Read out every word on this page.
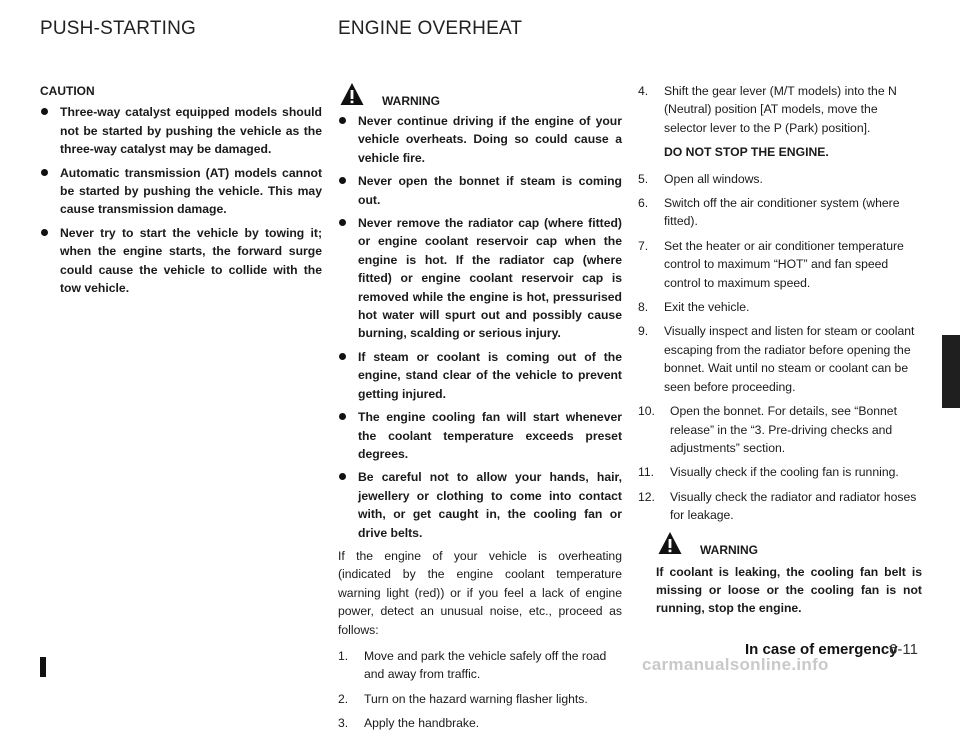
PUSH-STARTING	ENGINE OVERHEAT
CAUTION
Three-way catalyst equipped models should not be started by pushing the vehicle as the three-way catalyst may be damaged.
Automatic transmission (AT) models cannot be started by pushing the vehicle. This may cause transmission damage.
Never try to start the vehicle by towing it; when the engine starts, the forward surge could cause the vehicle to collide with the tow vehicle.
WARNING
Never continue driving if the engine of your vehicle overheats. Doing so could cause a vehicle fire.
Never open the bonnet if steam is coming out.
Never remove the radiator cap (where fitted) or engine coolant reservoir cap when the engine is hot. If the radiator cap (where fitted) or engine coolant reservoir cap is removed while the engine is hot, pressurised hot water will spurt out and possibly cause burning, scalding or serious injury.
If steam or coolant is coming out of the engine, stand clear of the vehicle to prevent getting injured.
The engine cooling fan will start whenever the coolant temperature exceeds preset degrees.
Be careful not to allow your hands, hair, jewellery or clothing to come into contact with, or get caught in, the cooling fan or drive belts.

If the engine of your vehicle is overheating (indicated by the engine coolant temperature warning light (red)) or if you feel a lack of engine power, detect an unusual noise, etc., proceed as follows:

1. Move and park the vehicle safely off the road and away from traffic.
2. Turn on the hazard warning flasher lights.
3. Apply the handbrake.
4. Shift the gear lever (M/T models) into the N (Neutral) position [AT models, move the selector lever to the P (Park) position].
DO NOT STOP THE ENGINE.
5. Open all windows.
6. Switch off the air conditioner system (where fitted).
7. Set the heater or air conditioner temperature control to maximum “HOT” and fan speed control to maximum speed.
8. Exit the vehicle.
9. Visually inspect and listen for steam or coolant escaping from the radiator before opening the bonnet. Wait until no steam or coolant can be seen before proceeding.
10. Open the bonnet. For details, see “Bonnet release” in the “3. Pre-driving checks and adjustments” section.
11. Visually check if the cooling fan is running.
12. Visually check the radiator and radiator hoses for leakage.
WARNING
If coolant is leaking, the cooling fan belt is missing or loose or the cooling fan is not running, stop the engine.
In case of emergency
6-11
carmanualsonline.info
